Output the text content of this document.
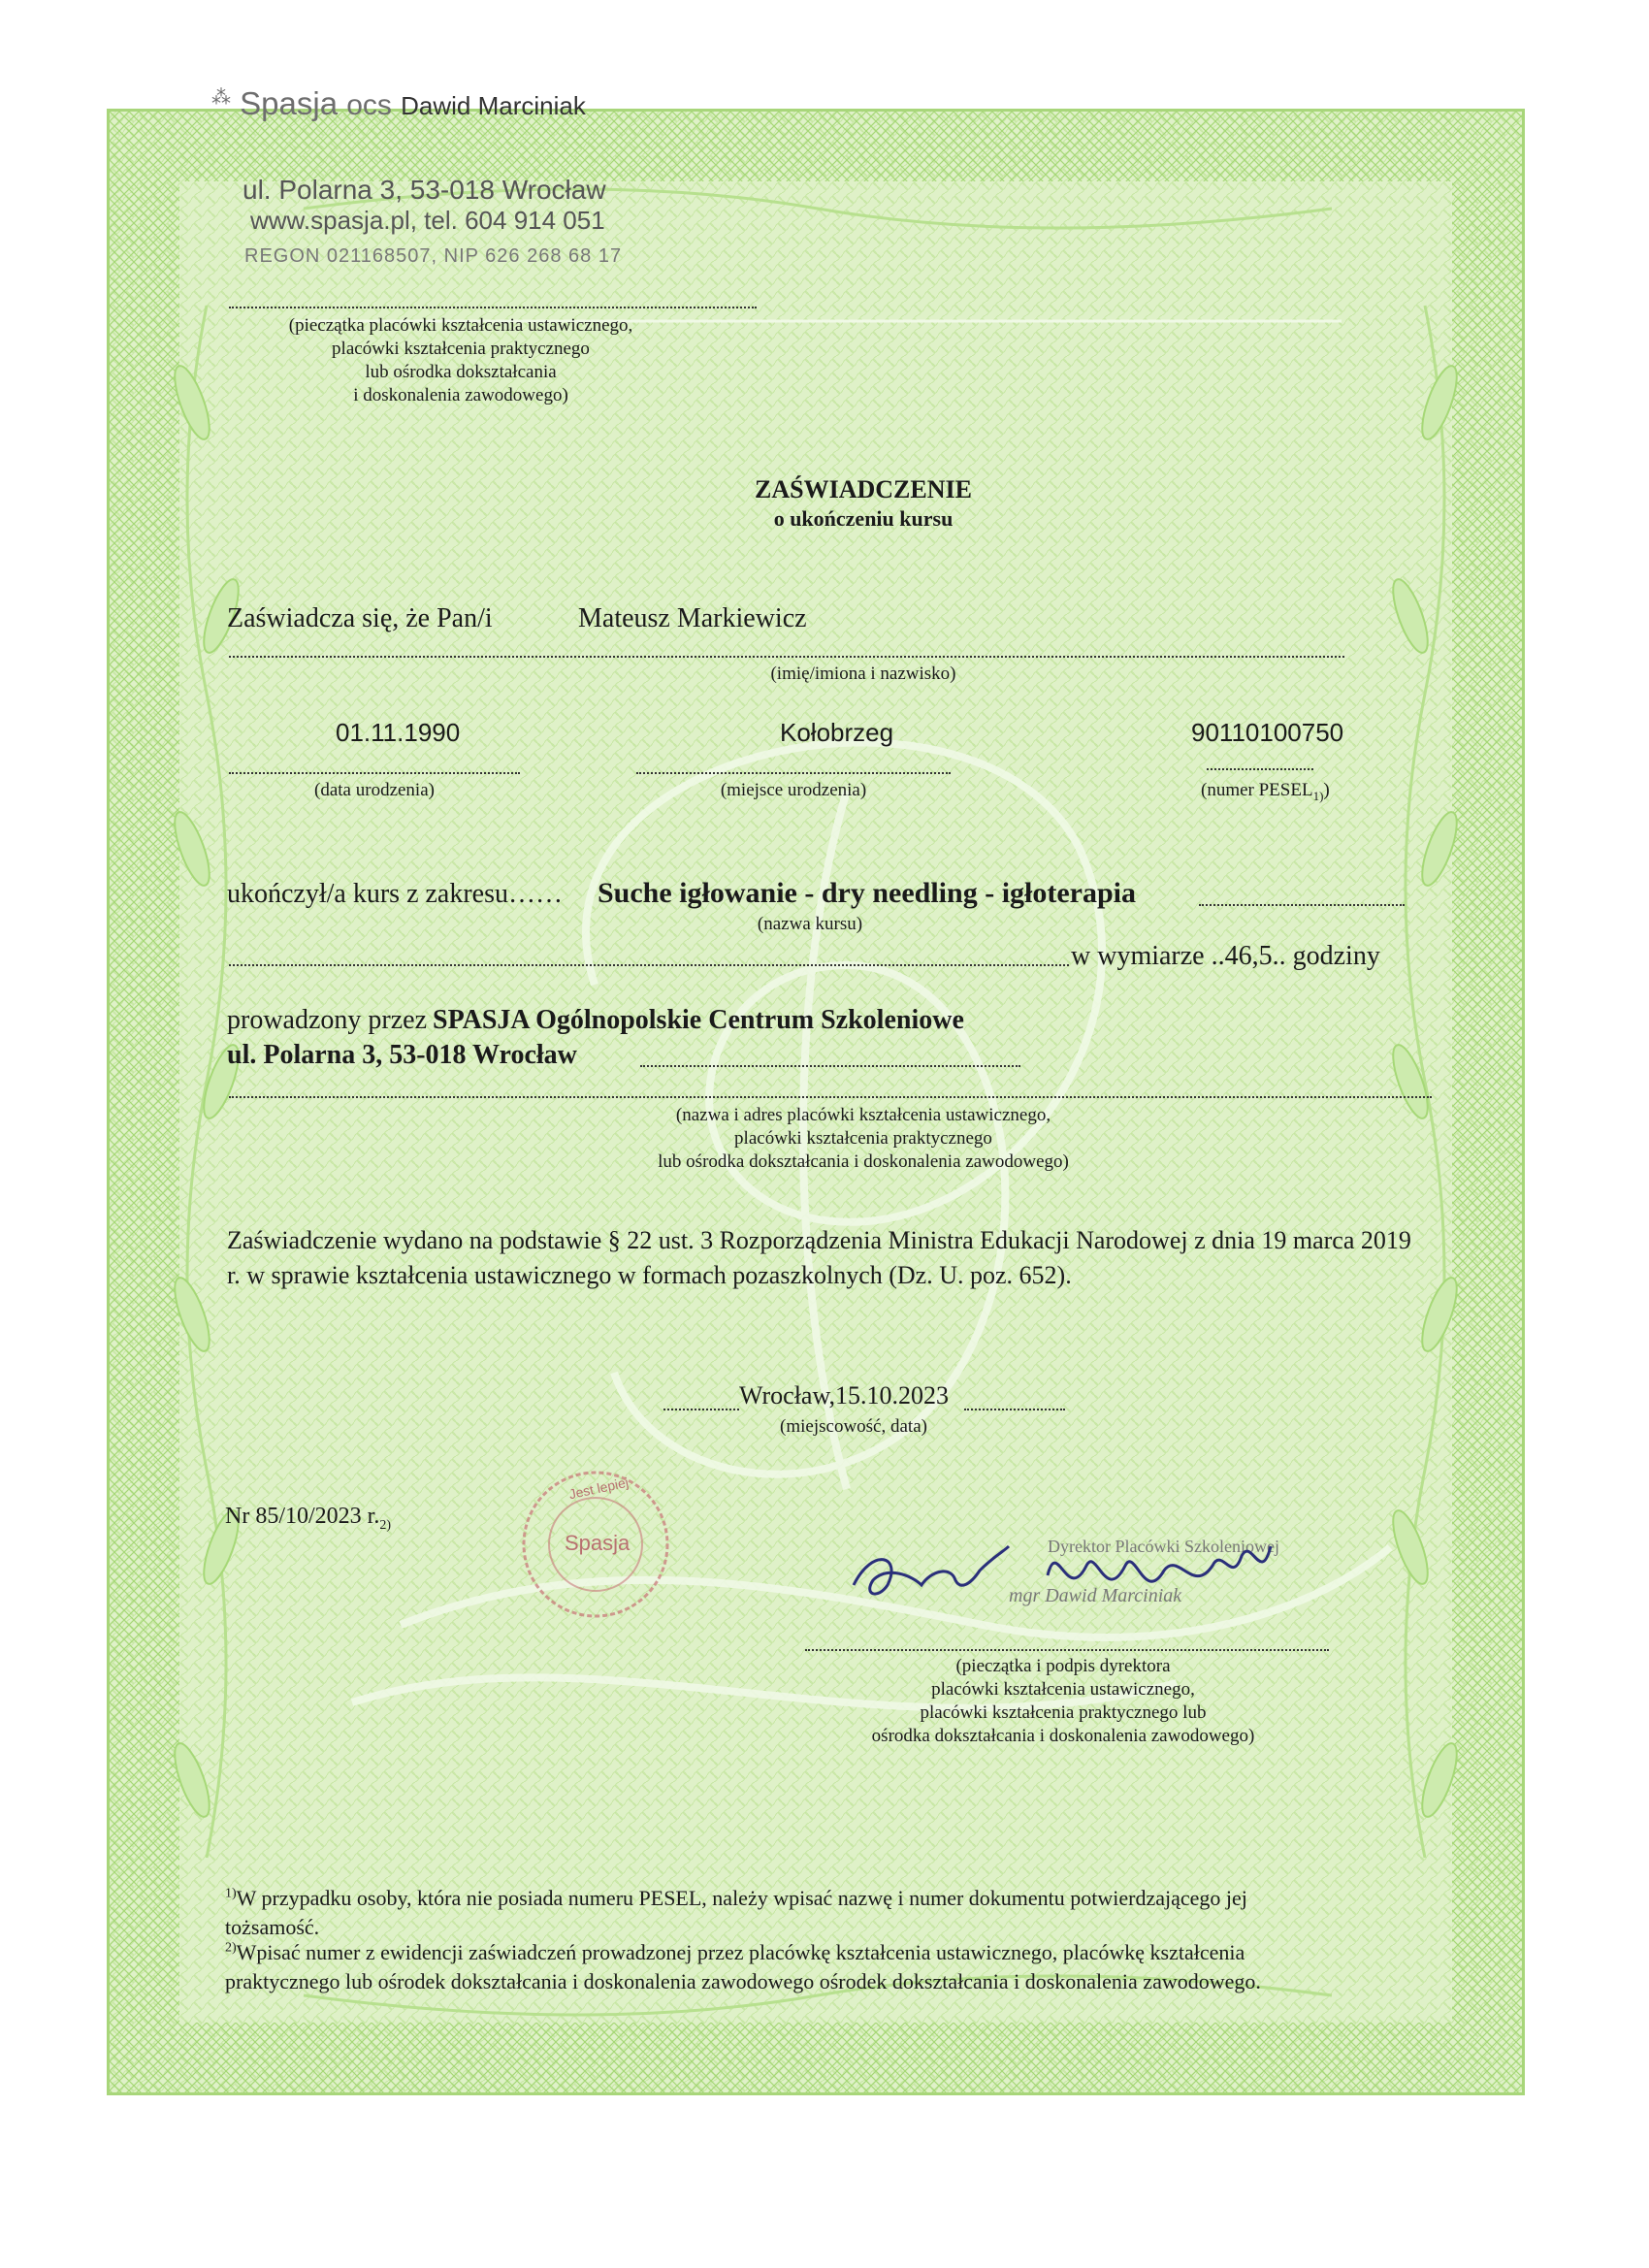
⁂ Spasja ocs Dawid Marciniak
ul. Polarna 3, 53-018 Wrocław
www.spasja.pl, tel. 604 914 051
REGON 021168507, NIP 626 268 68 17
(pieczątka placówki kształcenia ustawicznego,
placówki kształcenia praktycznego
lub ośrodka dokształcania
i doskonalenia zawodowego)
ZAŚWIADCZENIE
o ukończeniu kursu
Zaświadcza się, że Pan/i	Mateusz Markiewicz
(imię/imiona i nazwisko)
01.11.1990	Kołobrzeg	90110100750
(data urodzenia)	(miejsce urodzenia)	(numer $PESEL_{1)}$)
ukończył/a kurs z zakresu…… Suche igłowanie - dry needling - igłoterapia
(nazwa kursu)
w wymiarze ..46,5.. godziny
prowadzony przez SPASJA Ogólnopolskie Centrum Szkoleniowe
ul. Polarna 3, 53-018 Wrocław
(nazwa i adres placówki kształcenia ustawicznego,
placówki kształcenia praktycznego
lub ośrodka dokształcania i doskonalenia zawodowego)
Zaświadczenie wydano na podstawie § 22 ust. 3 Rozporządzenia Ministra Edukacji Narodowej z dnia 19 marca 2019
r. w sprawie kształcenia ustawicznego w formach pozaszkolnych (Dz. U. poz. 652).
Wrocław,15.10.2023
(miejscowość, data)
Nr 85/10/2023 $r._{2)}$
Spasja
Jest lepiej
Dyrektor Placówki Szkoleniowej
mgr Dawid Marciniak
(pieczątka i podpis dyrektora
placówki kształcenia ustawicznego,
placówki kształcenia praktycznego lub
ośrodka dokształcania i doskonalenia zawodowego)
$^{1)}$W przypadku osoby, która nie posiada numeru PESEL, należy wpisać nazwę i numer dokumentu potwierdzającego jej
tożsamość.
$^{2)}$Wpisać numer z ewidencji zaświadczeń prowadzonej przez placówkę kształcenia ustawicznego, placówkę kształcenia
praktycznego lub ośrodek dokształcania i doskonalenia zawodowego ośrodek dokształcania i doskonalenia zawodowego.
